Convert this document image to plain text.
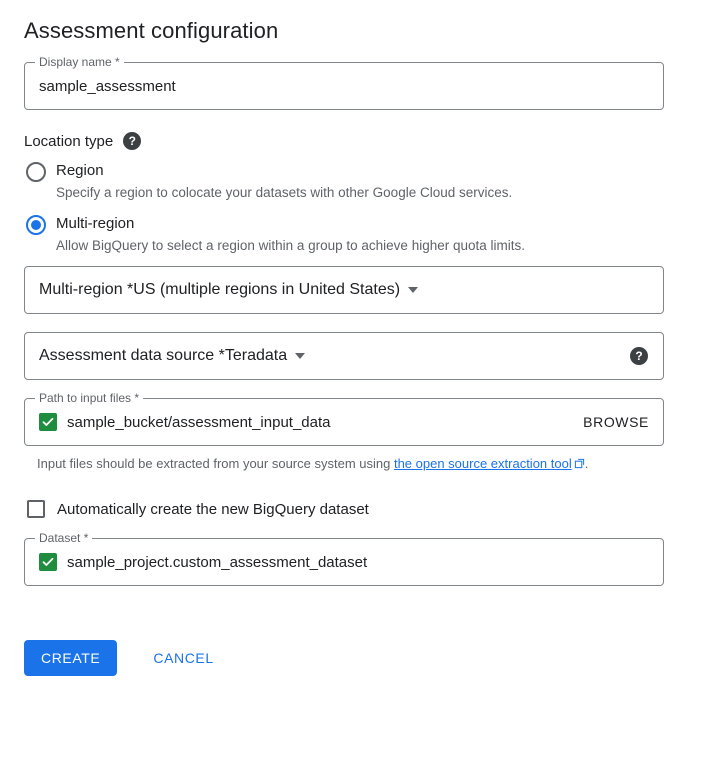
Assessment configuration
Display name *
sample_assessment
Location type	?
Region
Specify a region to colocate your datasets with other Google Cloud services.
Multi-region
Allow BigQuery to select a region within a group to achieve higher quota limits.
Multi-region * US (multiple regions in United States)
Assessment data source * Teradata	?
Path to input files *
sample_bucket/assessment_input_data	BROWSE
Input files should be extracted from your source system using the open source extraction tool .
Automatically create the new BigQuery dataset
Dataset *
sample_project.custom_assessment_dataset
CREATE	CANCEL
